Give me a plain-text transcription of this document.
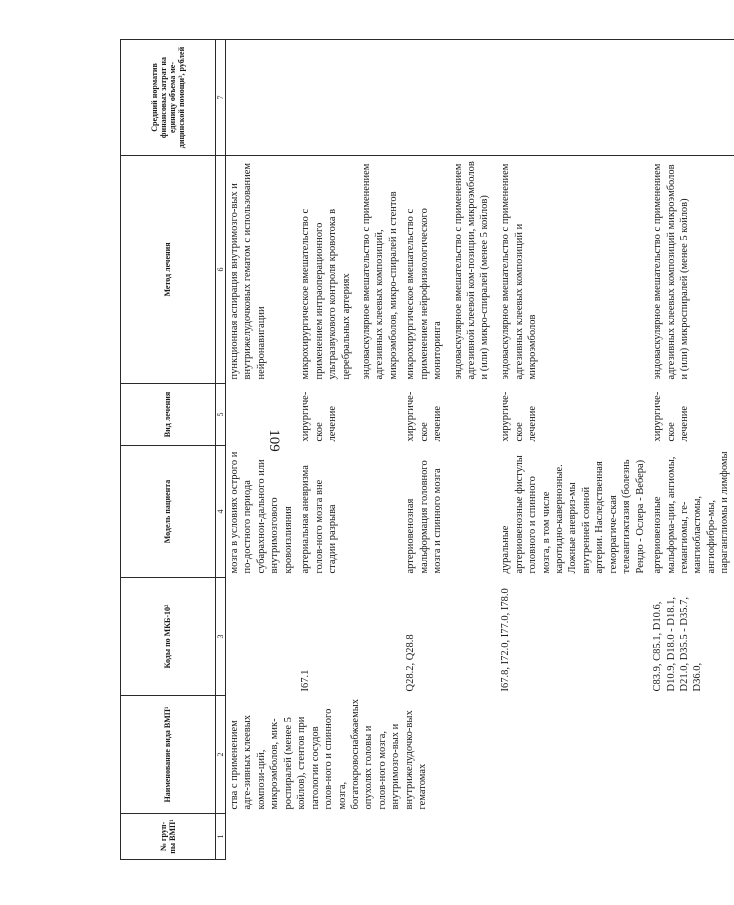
109
№ груп-пы ВМП¹	Наименование вида ВМП¹	Коды по МКБ-10²	Модель пациента	Вид лечения	Метод лечения	Средний норматив финансовых затрат на единицу объема ме-дицинской помощи³, рублей
1	2	3	4	5	6	7
	ства с применением адге-зивных клеевых компози-ций, микроэмболов, мик-роспиралей (менее 5 койлов), стентов при патологии сосудов голов-ного и спинного мозга, богатокровоснабжаемых опухолях головы и голов-ного мозга, внутримозго-вых и внутрижелудочко-вых гематомах		мозга в условиях острого и по-достного периода субарахнои-дального или внутримозгового кровоизлияния		пункционная аспирация внутримозго-вых и внутрижелудочковых гематом с использованием нейронавигации	

		I67.1	артериальная аневризма голов-ного мозга вне стадии разрыва	хирургиче-ское лечение	микрохирургическое вмешательство с применением интраоперационного ультразвукового контроля кровотока в церебральных артериях эндоваскулярное вмешательство с применением адгезивных клеевых композиций, микроэмболов, микро-спиралей и стентов	

		Q28.2, Q28.8	артериовенозная мальформация головного мозга и спинного мозга	хирургиче-ское лечение	микрохирургическое вмешательство с применением нейрофизиологического мониторинга эндоваскулярное вмешательство с применением адгезивной клеевой ком-позиции, микроэмболов и (или) микро-спиралей (менее 5 койлов)	

		I67.8, I72.0, I77.0, I78.0	дуральные артериовенозные фистулы головного и спинного мозга, в том числе каротидно-кавернозные. Ложные аневриз-мы внутренней сонной артерии. Наследственная геморрагиче-ская телеангиэктазия (болезнь Рендю - Ослера - Вебера)	хирургиче-ское лечение	эндоваскулярное вмешательство с применением адгезивных клеевых композиций и микроэмболов	

		C83.9, C85.1, D10.6, D10.9, D18.0 - D18.1, D21.0, D35.5 - D35.7, D36.0,	артериовенозные мальформа-ции, ангиомы, гемангиомы, ге-мангиобластомы, ангиофибро-мы, параганглиомы и лимфомы	хирургиче-ское лечение	эндоваскулярное вмешательство с применением адгезивных клеевых композиций микроэмболов и (или) микроспиралей (менее 5 койлов)	
